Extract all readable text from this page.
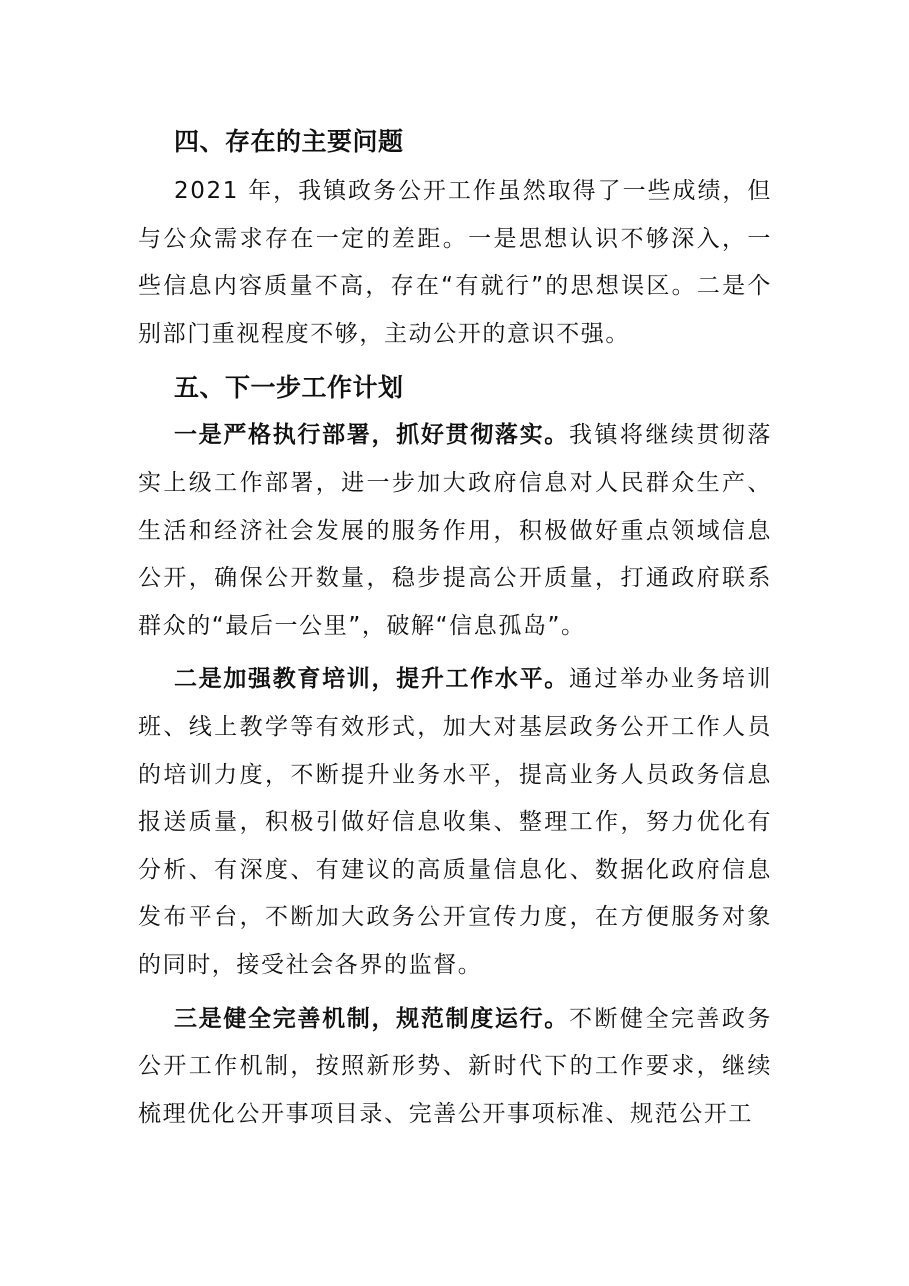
四、存在的主要问题

2021 年，我镇政务公开工作虽然取得了一些成绩，但与公众需求存在一定的差距。一是思想认识不够深入，一些信息内容质量不高，存在“有就行”的思想误区。二是个别部门重视程度不够，主动公开的意识不强。

五、下一步工作计划

一是严格执行部署，抓好贯彻落实。我镇将继续贯彻落实上级工作部署，进一步加大政府信息对人民群众生产、生活和经济社会发展的服务作用，积极做好重点领域信息公开，确保公开数量，稳步提高公开质量，打通政府联系群众的“最后一公里”，破解“信息孤岛”。

二是加强教育培训，提升工作水平。通过举办业务培训班、线上教学等有效形式，加大对基层政务公开工作人员的培训力度，不断提升业务水平，提高业务人员政务信息报送质量，积极引做好信息收集、整理工作，努力优化有分析、有深度、有建议的高质量信息化、数据化政府信息发布平台，不断加大政务公开宣传力度，在方便服务对象的同时，接受社会各界的监督。

三是健全完善机制，规范制度运行。不断健全完善政务公开工作机制，按照新形势、新时代下的工作要求，继续梳理优化公开事项目录、完善公开事项标准、规范公开工
